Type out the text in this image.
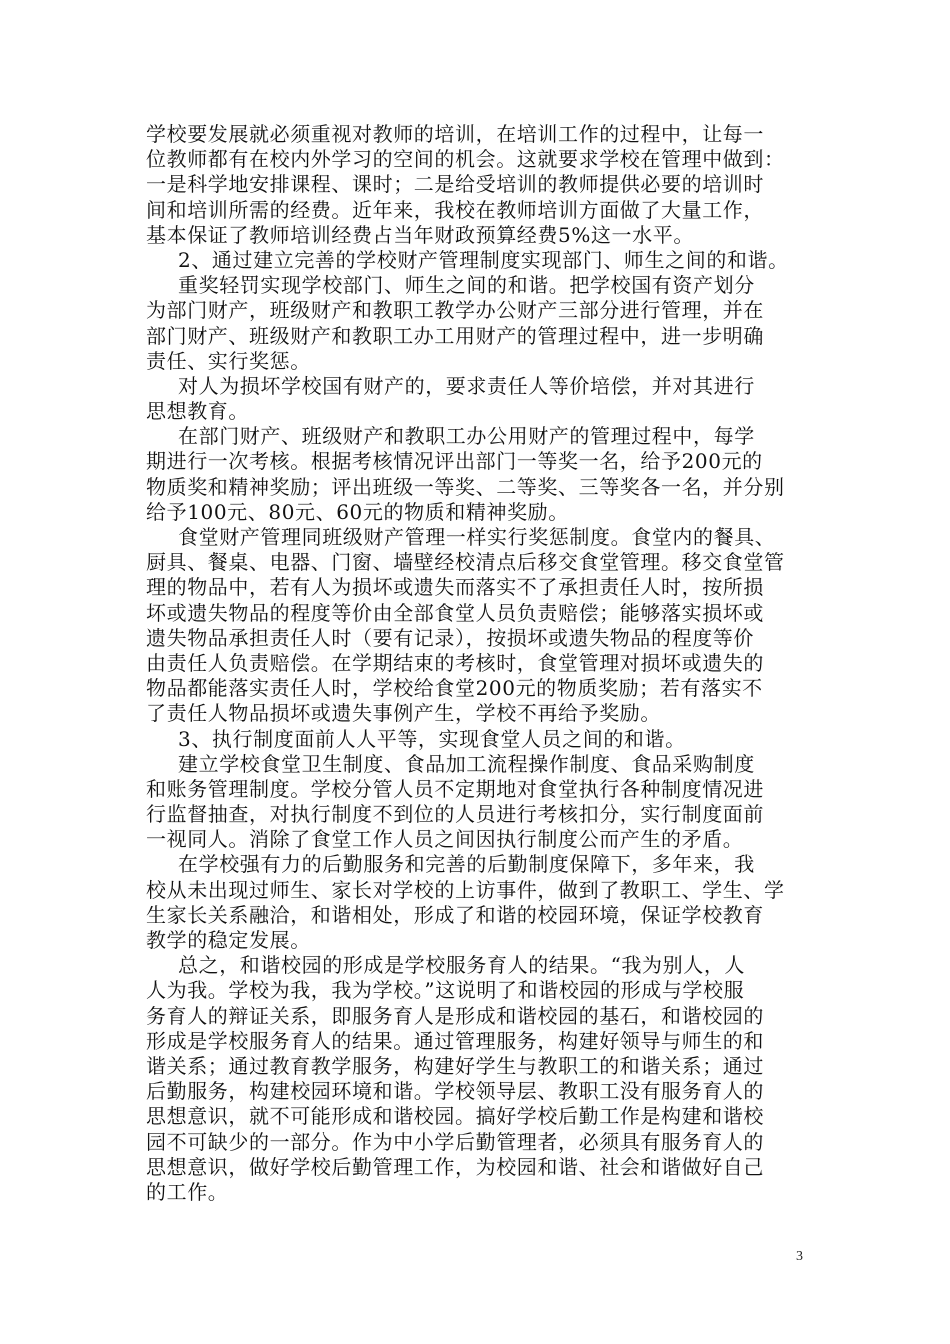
学校要发展就必须重视对教师的培训，在培训工作的过程中，让每一
位教师都有在校内外学习的空间的机会。这就要求学校在管理中做到：
一是科学地安排课程、课时；二是给受培训的教师提供必要的培训时
间和培训所需的经费。近年来，我校在教师培训方面做了大量工作，
基本保证了教师培训经费占当年财政预算经费5%这一水平。
2、通过建立完善的学校财产管理制度实现部门、师生之间的和谐。
重奖轻罚实现学校部门、师生之间的和谐。把学校国有资产划分
为部门财产，班级财产和教职工教学办公财产三部分进行管理，并在
部门财产、班级财产和教职工办工用财产的管理过程中，进一步明确
责任、实行奖惩。
对人为损坏学校国有财产的，要求责任人等价培偿，并对其进行
思想教育。
在部门财产、班级财产和教职工办公用财产的管理过程中，每学
期进行一次考核。根据考核情况评出部门一等奖一名，给予200元的
物质奖和精神奖励；评出班级一等奖、二等奖、三等奖各一名，并分别
给予100元、80元、60元的物质和精神奖励。
食堂财产管理同班级财产管理一样实行奖惩制度。食堂内的餐具、
厨具、餐桌、电器、门窗、墙壁经校清点后移交食堂管理。移交食堂管
理的物品中，若有人为损坏或遗失而落实不了承担责任人时，按所损
坏或遗失物品的程度等价由全部食堂人员负责赔偿；能够落实损坏或
遗失物品承担责任人时（要有记录），按损坏或遗失物品的程度等价
由责任人负责赔偿。在学期结束的考核时，食堂管理对损坏或遗失的
物品都能落实责任人时，学校给食堂200元的物质奖励；若有落实不
了责任人物品损坏或遗失事例产生，学校不再给予奖励。
3、执行制度面前人人平等，实现食堂人员之间的和谐。
建立学校食堂卫生制度、食品加工流程操作制度、食品采购制度
和账务管理制度。学校分管人员不定期地对食堂执行各种制度情况进
行监督抽查，对执行制度不到位的人员进行考核扣分，实行制度面前
一视同人。消除了食堂工作人员之间因执行制度公而产生的矛盾。
在学校强有力的后勤服务和完善的后勤制度保障下，多年来，我
校从未出现过师生、家长对学校的上访事件，做到了教职工、学生、学
生家长关系融洽，和谐相处，形成了和谐的校园环境，保证学校教育
教学的稳定发展。
总之，和谐校园的形成是学校服务育人的结果。“我为别人，人
人为我。学校为我，我为学校。”这说明了和谐校园的形成与学校服
务育人的辩证关系，即服务育人是形成和谐校园的基石，和谐校园的
形成是学校服务育人的结果。通过管理服务，构建好领导与师生的和
谐关系；通过教育教学服务，构建好学生与教职工的和谐关系；通过
后勤服务，构建校园环境和谐。学校领导层、教职工没有服务育人的
思想意识，就不可能形成和谐校园。搞好学校后勤工作是构建和谐校
园不可缺少的一部分。作为中小学后勤管理者，必须具有服务育人的
思想意识，做好学校后勤管理工作，为校园和谐、社会和谐做好自己
的工作。
3
